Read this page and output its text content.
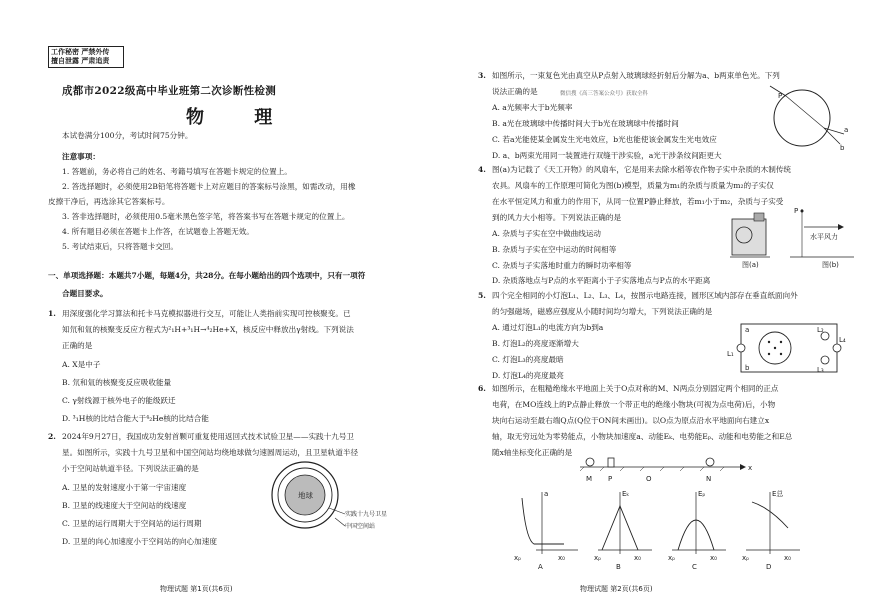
工作秘密 严禁外传
擅自泄露 严肃追责
成都市2022级高中毕业班第二次诊断性检测
物 理
本试卷满分100分，考试时间75分钟。
注意事项：
1. 答题前，务必将自己的姓名、考籍号填写在答题卡规定的位置上。
2. 答选择题时，必须使用2B铅笔将答题卡上对应题目的答案标号涂黑，如需改动，用橡
皮擦干净后，再选涂其它答案标号。
3. 答非选择题时，必须使用0.5毫米黑色签字笔，将答案书写在答题卡规定的位置上。
4. 所有题目必须在答题卡上作答，在试题卷上答题无效。
5. 考试结束后，只将答题卡交回。
一、单项选择题：本题共7小题，每题4分，共28分。在每小题给出的四个选项中，只有一项符
合题目要求。
1. 用深度强化学习算法和托卡马克模拟器进行交互，可能让人类指前实现可控核聚变。已
知氘和氚的核聚变反应方程式为²₁H+³₁H→⁴₂He+X，核反应中释放出γ射线。下列说法
正确的是
A. X是中子
B. 氘和氚的核聚变反应吸收能量
C. γ射线源于核外电子的能级跃迁
D. ³₁H核的比结合能大于⁴₂He核的比结合能
2. 2024年9月27日，我国成功发射首颗可重复使用返回式技术试验卫星——实践十九号卫
星。如图所示，实践十九号卫星和中国空间站均绕地球做匀速圆周运动，且卫星轨道半径
小于空间站轨道半径。下列说法正确的是
A. 卫星的发射速度小于第一宇宙速度
B. 卫星的线速度大于空间站的线速度
C. 卫星的运行周期大于空间站的运行周期
D. 卫星的向心加速度小于空间站的向心加速度
地球
实践十九号卫星
中国空间站
物理试题 第1页(共6页)
3. 如图所示，一束复色光由真空从P点射入玻璃球经折射后分解为a、b两束单色光。下列
说法正确的是	微信搜《高三答案公众号》获取全科
A. a光频率大于b光频率
B. a光在玻璃球中传播时间大于b光在玻璃球中传播时间
C. 若a光能使某金属发生光电效应，b光也能使该金属发生光电效应
D. a、b两束光用同一装置进行双缝干涉实验，a光干涉条纹间距更大
P
a
b
4. 图(a)为记载了《天工开物》的风扇车，它是用来去除水稻等农作物子实中杂质的木制传统
农具。风扇车的工作原理可简化为图(b)模型，质量为m₁的杂质与质量为m₂的子实仅
在水平恒定风力和重力的作用下，从同一位置P静止释放，若m₁小于m₂，杂质与子实受
到的风力大小相等。下列说法正确的是
A. 杂质与子实在空中做曲线运动
B. 杂质与子实在空中运动的时间相等
C. 杂质与子实落地时重力的瞬时功率相等
D. 杂质落地点与P点的水平距离小于子实落地点与P点的水平距离
图(a)
P
水平风力
图(b)
5. 四个完全相同的小灯泡L₁、L₂、L₃、L₄，按图示电路连接，圆形区域内部存在垂直纸面向外
的匀强磁场，磁感应强度从小随时间均匀增大，下列说法正确的是
A. 通过灯泡L₁的电流方向为b到a
B. 灯泡L₂的亮度逐渐增大
C. 灯泡L₃的亮度最暗
D. 灯泡L₄的亮度最亮
L₁
L₂
L₃
L₄
a
b
6. 如图所示，在粗糙绝缘水平地面上关于O点对称的M、N两点分别固定两个相同的正点
电荷，在MO连线上的P点静止释放一个带正电的绝缘小物块(可视为点电荷)后，小物
块向右运动至最右端Q点(Q位于ON间未画出)。以O点为原点沿水平地面向右建立x
轴，取无穷远处为零势能点，小物块加速度a、动能Eₖ、电势能Eₚ、动能和电势能之和E总
随x轴坐标变化正确的是
x
M P	O	N
a
xₚ	x₀
A
Eₖ
xₚ	x₀
B
Eₚ
xₚ	x₀
C
E总
xₚ	x₀
D
物理试题 第2页(共6页)
